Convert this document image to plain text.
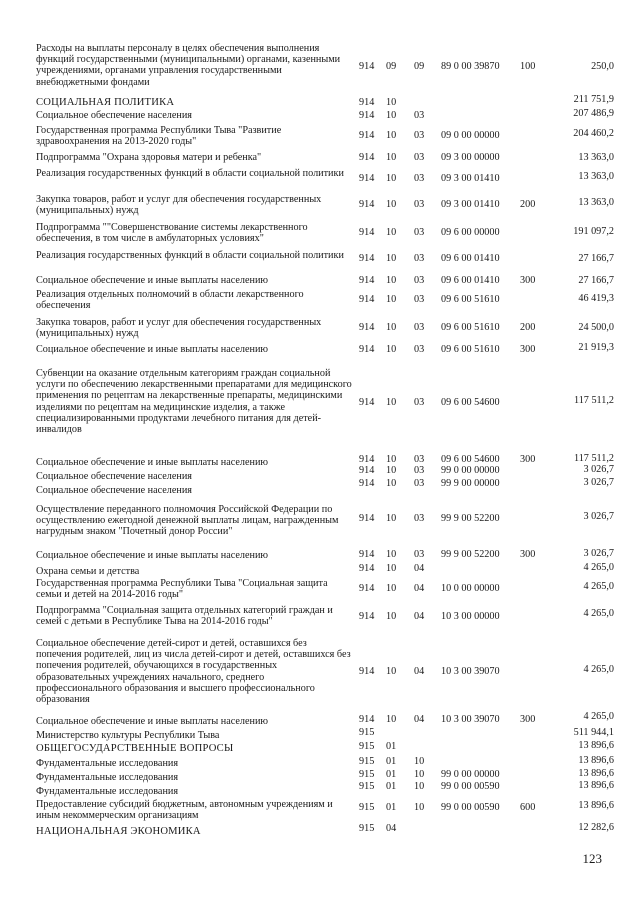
Расходы на выплаты персоналу в целях обеспечения выполнения функций государственными (муниципальными) органами, казенными учреждениями, органами управления государственными внебюджетными фондами
914 09 09 89 0 00 39870 100	250,0
СОЦИАЛЬНАЯ ПОЛИТИКА	914 10	211 751,9
Социальное обеспечение населения	914 10 03	207 486,9
Государственная программа Республики Тыва "Развитие здравоохранения на 2013-2020 годы"
914 10 03 09 0 00 00000	204 460,2
Подпрограмма "Охрана здоровья матери и ребенка"	914 10 03 09 3 00 00000	13 363,0
Реализация государственных функций в области социальной политики	914 10 03 09 3 00 01410	13 363,0
Закупка товаров, работ и услуг для обеспечения государственных (муниципальных) нужд
914 10 03 09 3 00 01410 200	13 363,0
Подпрограмма ""Совершенствование системы лекарственного обеспечения, в том числе в амбулаторных условиях"
914 10 03 09 6 00 00000	191 097,2
Реализация государственных функций в области социальной политики	914 10 03 09 6 00 01410	27 166,7
Социальное обеспечение и иные выплаты населению	914 10 03 09 6 00 01410 300	27 166,7
Реализация отдельных полномочий в области лекарственного обеспечения
914 10 03 09 6 00 51610	46 419,3
Закупка товаров, работ и услуг для обеспечения государственных (муниципальных) нужд
914 10 03 09 6 00 51610 200	24 500,0
Социальное обеспечение и иные выплаты населению	914 10 03 09 6 00 51610 300	21 919,3
Субвенции на оказание отдельным категориям граждан социальной услуги по обеспечению лекарственными препаратами для медицинского применения по рецептам на лекарственные препараты, медицинскими изделиями по рецептам на медицинские изделия, а также специализированными продуктами лечебного питания для детей-инвалидов
914 10 03 09 6 00 54600	117 511,2
Социальное обеспечение и иные выплаты населению	914 10 03 09 6 00 54600 300	117 511,2
Социальное обеспечение населения
914 10 03 99 0 00 00000	3 026,7
Социальное обеспечение населения
914 10 03 99 9 00 00000	3 026,7
Осуществление переданного полномочия Российской Федерации по осуществлению ежегодной денежной выплаты лицам, награжденным нагрудным знаком "Почетный донор России"
914 10 03 99 9 00 52200	3 026,7
Социальное обеспечение и иные выплаты населению	914 10 03 99 9 00 52200 300	3 026,7
Охрана семьи и детства	914 10 04	4 265,0
Государственная программа Республики Тыва "Социальная защита семьи и детей на 2014-2016 годы"
914 10 04 10 0 00 00000	4 265,0
Подпрограмма "Социальная защита отдельных категорий граждан и семей с детьми в Республике Тыва на 2014-2016 годы"	914 10 04 10 3 00 00000	4 265,0
Социальное обеспечение детей-сирот и детей, оставшихся без попечения родителей, лиц из числа детей-сирот и детей, оставшихся без попечения родителей, обучающихся в государственных образовательных учреждениях начального, среднего профессионального образования и высшего профессионального образования
914 10 04 10 3 00 39070	4 265,0
Социальное обеспечение и иные выплаты населению	914 10 04 10 3 00 39070 300	4 265,0
Министерство культуры Республики Тыва	915	511 944,1
ОБЩЕГОСУДАРСТВЕННЫЕ ВОПРОСЫ	915 01	13 896,6
Фундаментальные исследования	915 01 10	13 896,6
Фундаментальные исследования	915 01 10 99 0 00 00000	13 896,6
Фундаментальные исследования	915 01 10 99 0 00 00590	13 896,6
Предоставление субсидий бюджетным, автономным учреждениям и иным некоммерческим организациям
915 01 10 99 0 00 00590 600	13 896,6
НАЦИОНАЛЬНАЯ ЭКОНОМИКА	915 04	12 282,6
123
